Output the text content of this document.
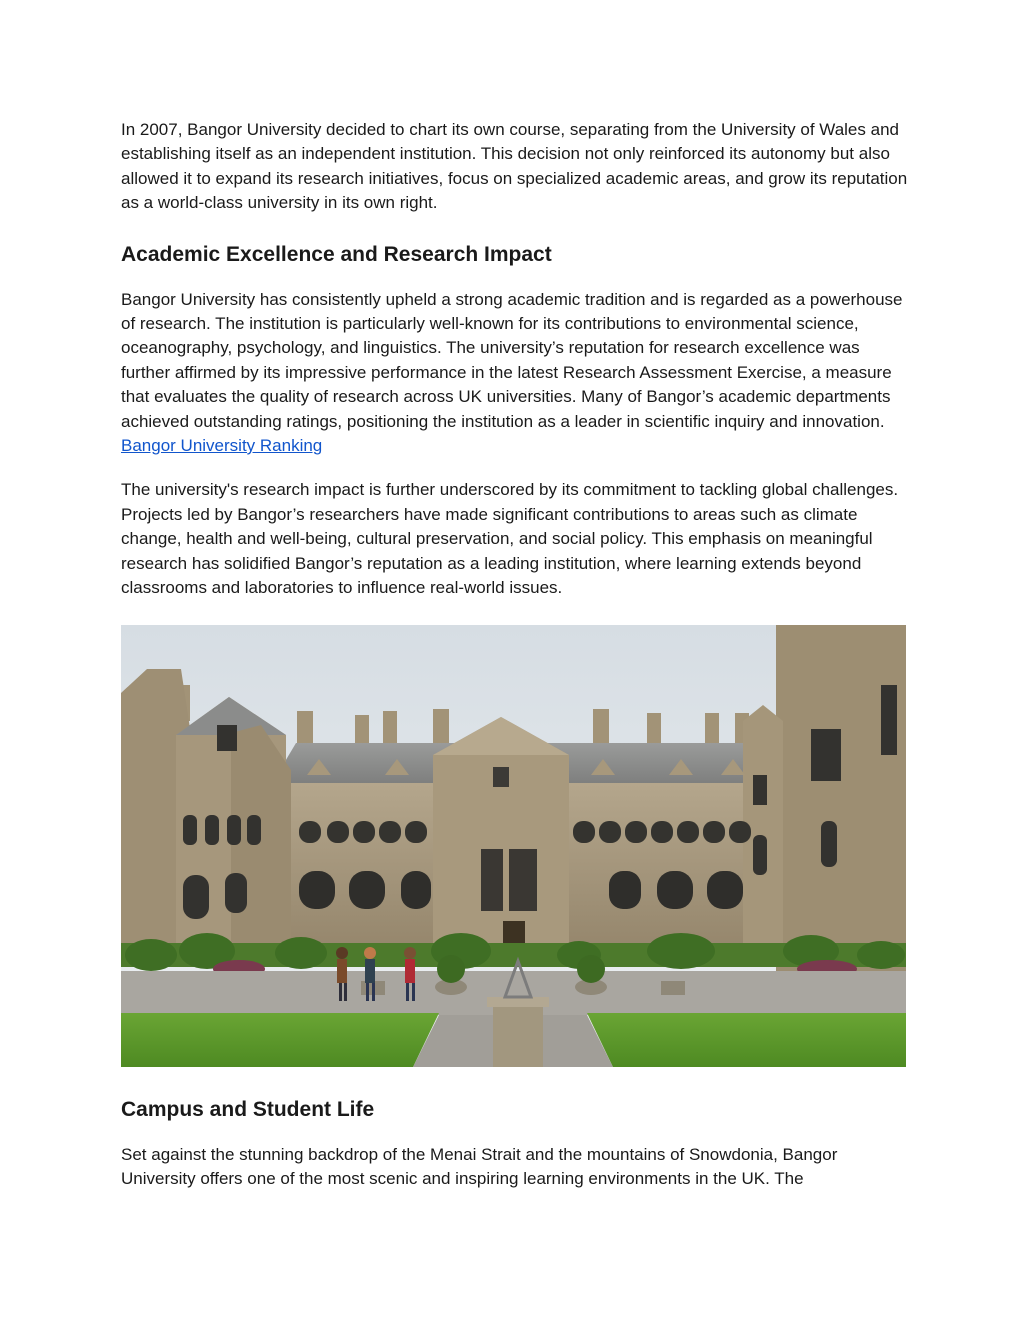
In 2007, Bangor University decided to chart its own course, separating from the University of Wales and establishing itself as an independent institution. This decision not only reinforced its autonomy but also allowed it to expand its research initiatives, focus on specialized academic areas, and grow its reputation as a world-class university in its own right.

Academic Excellence and Research Impact

Bangor University has consistently upheld a strong academic tradition and is regarded as a powerhouse of research. The institution is particularly well-known for its contributions to environmental science, oceanography, psychology, and linguistics. The university’s reputation for research excellence was further affirmed by its impressive performance in the latest Research Assessment Exercise, a measure that evaluates the quality of research across UK universities. Many of Bangor’s academic departments achieved outstanding ratings, positioning the institution as a leader in scientific inquiry and innovation. Bangor University Ranking

The university's research impact is further underscored by its commitment to tackling global challenges. Projects led by Bangor’s researchers have made significant contributions to areas such as climate change, health and well-being, cultural preservation, and social policy. This emphasis on meaningful research has solidified Bangor’s reputation as a leading institution, where learning extends beyond classrooms and laboratories to influence real-world issues.

Campus and Student Life

Set against the stunning backdrop of the Menai Strait and the mountains of Snowdonia, Bangor University offers one of the most scenic and inspiring learning environments in the UK. The
